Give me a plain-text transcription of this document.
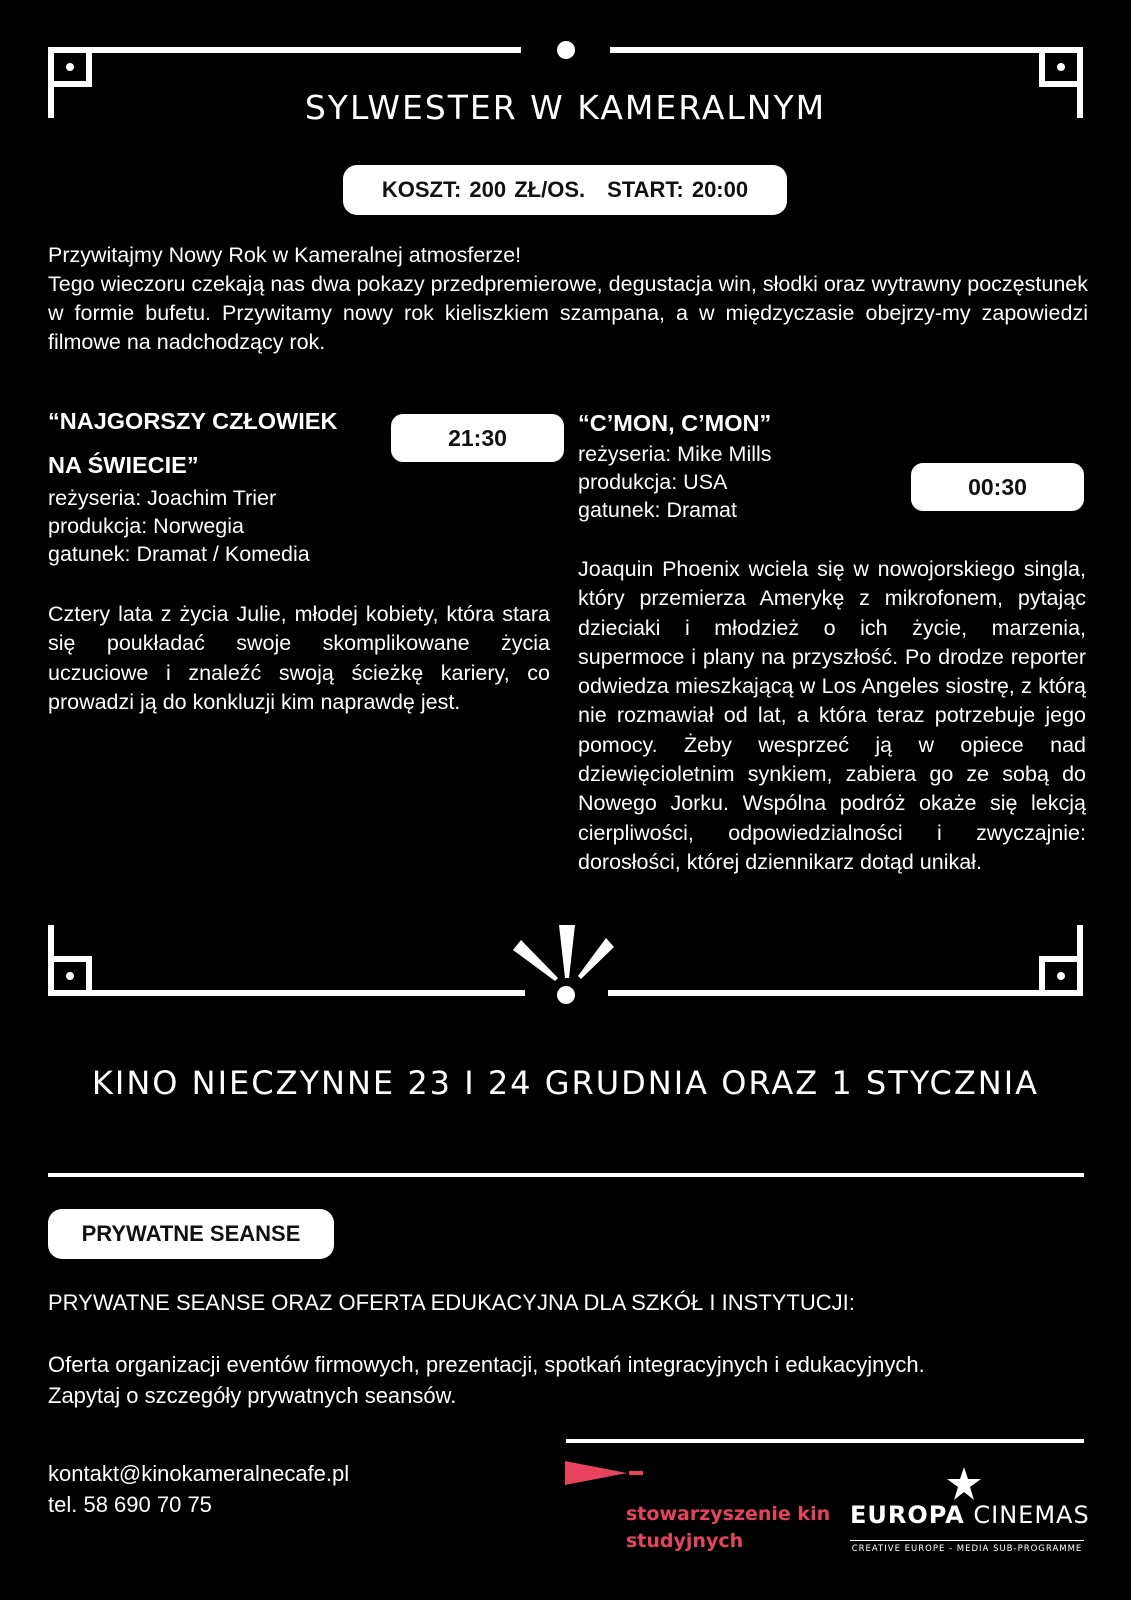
SYLWESTER W KAMERALNYM
KOSZT: 200 ZŁ/OS. START: 20:00

Przywitajmy Nowy Rok w Kameralnej atmosferze!

Tego wieczoru czekają nas dwa pokazy przedpremierowe, degustacja win, słodki oraz wytrawny poczęstunek w formie bufetu. Przywitamy nowy rok kieliszkiem szampana, a w międzyczasie obejrzy-my zapowiedzi filmowe na nadchodzący rok.

“NAJGORSZY CZŁOWIEK
NA ŚWIECIE”
21:30
reżyseria: Joachim Trier
produkcja: Norwegia
gatunek: Dramat / Komedia
Cztery lata z życia Julie, młodej kobiety, która stara się poukładać swoje skomplikowane życia uczuciowe i znaleźć swoją ścieżkę kariery, co prowadzi ją do konkluzji kim naprawdę jest.
“C’MON, C’MON”
00:30
reżyseria: Mike Mills
produkcja: USA
gatunek: Dramat
Joaquin Phoenix wciela się w nowojorskiego singla, który przemierza Amerykę z mikrofonem, pytając dzieciaki i młodzież o ich życie, marzenia, supermoce i plany na przyszłość. Po drodze reporter odwiedza mieszkającą w Los Angeles siostrę, z którą nie rozmawiał od lat, a która teraz potrzebuje jego pomocy. Żeby wesprzeć ją w opiece nad dziewięcioletnim synkiem, zabiera go ze sobą do Nowego Jorku. Wspólna podróż okaże się lekcją cierpliwości, odpowiedzialności i zwyczajnie: dorosłości, której dziennikarz dotąd unikał.
KINO NIECZYNNE 23 I 24 GRUDNIA ORAZ 1 STYCZNIA
PRYWATNE SEANSE
PRYWATNE SEANSE ORAZ OFERTA EDUKACYJNA DLA SZKÓŁ I INSTYTUCJI:
Oferta organizacji eventów firmowych, prezentacji, spotkań integracyjnych i edukacyjnych.
Zapytaj o szczegóły prywatnych seansów.
kontakt@kinokameralnecafe.pl
tel. 58 690 70 75	stowarzyszenie kin
studyjnych
EUROPA CINEMAS
CREATIVE EUROPE - MEDIA SUB-PROGRAMME
